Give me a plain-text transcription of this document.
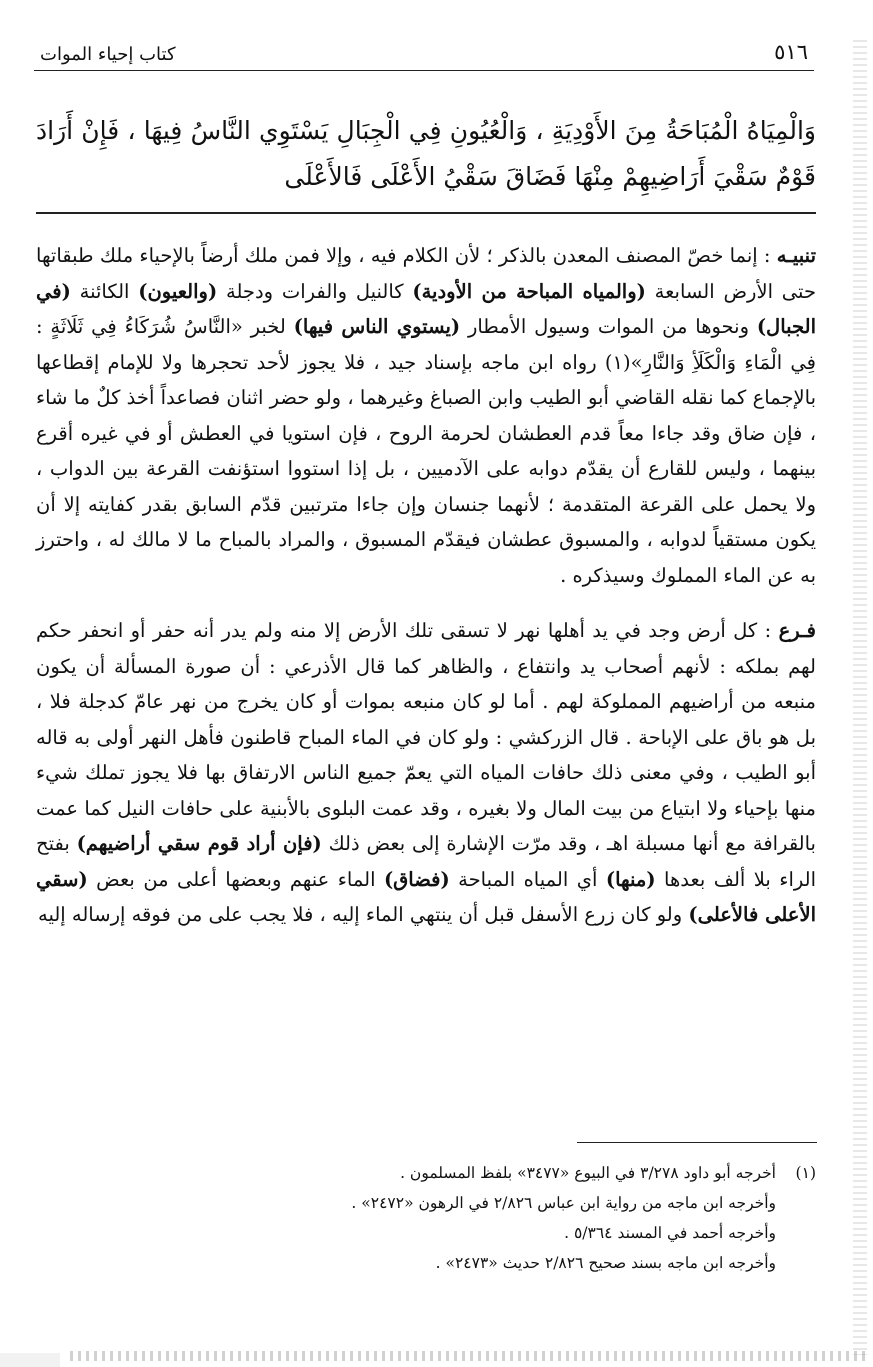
٥١٦
كتاب إحياء الموات
وَالْمِيَاهُ الْمُبَاحَةُ مِنَ الأَوْدِيَةِ ، وَالْعُيُونِ فِي الْجِبَالِ يَسْتَوِي النَّاسُ فِيهَا ، فَإِنْ أَرَادَ قَوْمٌ سَقْيَ أَرَاضِيهِمْ مِنْهَا فَضَاقَ سَقْيُ الأَعْلَى فَالأَعْلَى

تنبيـه : إنما خصّ المصنف المعدن بالذكر ؛ لأن الكلام فيه ، وإلا فمن ملك أرضاً بالإحياء ملك طبقاتها حتى الأرض السابعة (والمياه المباحة من الأودية) كالنيل والفرات ودجلة (والعيون) الكائنة (في الجبال) ونحوها من الموات وسيول الأمطار (يستوي الناس فيها) لخبر «النَّاسُ شُرَكَاءُ فِي ثَلَاثَةٍ : فِي الْمَاءِ وَالْكَلَأِ وَالنَّارِ»(١) رواه ابن ماجه بإسناد جيد ، فلا يجوز لأحد تحجرها ولا للإمام إقطاعها بالإجماع كما نقله القاضي أبو الطيب وابن الصباغ وغيرهما ، ولو حضر اثنان فصاعداً أخذ كلٌ ما شاء ، فإن ضاق وقد جاءا معاً قدم العطشان لحرمة الروح ، فإن استويا في العطش أو في غيره أقرع بينهما ، وليس للقارع أن يقدّم دوابه على الآدميين ، بل إذا استووا استؤنفت القرعة بين الدواب ، ولا يحمل على القرعة المتقدمة ؛ لأنهما جنسان وإن جاءا مترتبين قدّم السابق بقدر كفايته إلا أن يكون مستقياً لدوابه ، والمسبوق عطشان فيقدّم المسبوق ، والمراد بالمباح ما لا مالك له ، واحترز به عن الماء المملوك وسيذكره .

فـرع : كل أرض وجد في يد أهلها نهر لا تسقى تلك الأرض إلا منه ولم يدر أنه حفر أو انحفر حكم لهم بملكه : لأنهم أصحاب يد وانتفاع ، والظاهر كما قال الأذرعي : أن صورة المسألة أن يكون منبعه من أراضيهم المملوكة لهم . أما لو كان منبعه بموات أو كان يخرج من نهر عامّ كدجلة فلا ، بل هو باق على الإباحة . قال الزركشي : ولو كان في الماء المباح قاطنون فأهل النهر أولى به قاله أبو الطيب ، وفي معنى ذلك حافات المياه التي يعمّ جميع الناس الارتفاق بها فلا يجوز تملك شيء منها بإحياء ولا ابتياع من بيت المال ولا بغيره ، وقد عمت البلوى بالأبنية على حافات النيل كما عمت بالقرافة مع أنها مسبلة اهـ ، وقد مرّت الإشارة إلى بعض ذلك (فإن أراد قوم سقي أراضيهم) بفتح الراء بلا ألف بعدها (منها) أي المياه المباحة (فضاق) الماء عنهم وبعضها أعلى من بعض (سقي الأعلى فالأعلى) ولو كان زرع الأسفل قبل أن ينتهي الماء إليه ، فلا يجب على من فوقه إرساله إليه

(١)
أخرجه أبو داود ٣/٢٧٨ في البيوع «٣٤٧٧» بلفظ المسلمون .
وأخرجه ابن ماجه من رواية ابن عباس ٢/٨٢٦ في الرهون «٢٤٧٢» .
وأخرجه أحمد في المسند ٥/٣٦٤ .
وأخرجه ابن ماجه بسند صحيح ٢/٨٢٦ حديث «٢٤٧٣» .
